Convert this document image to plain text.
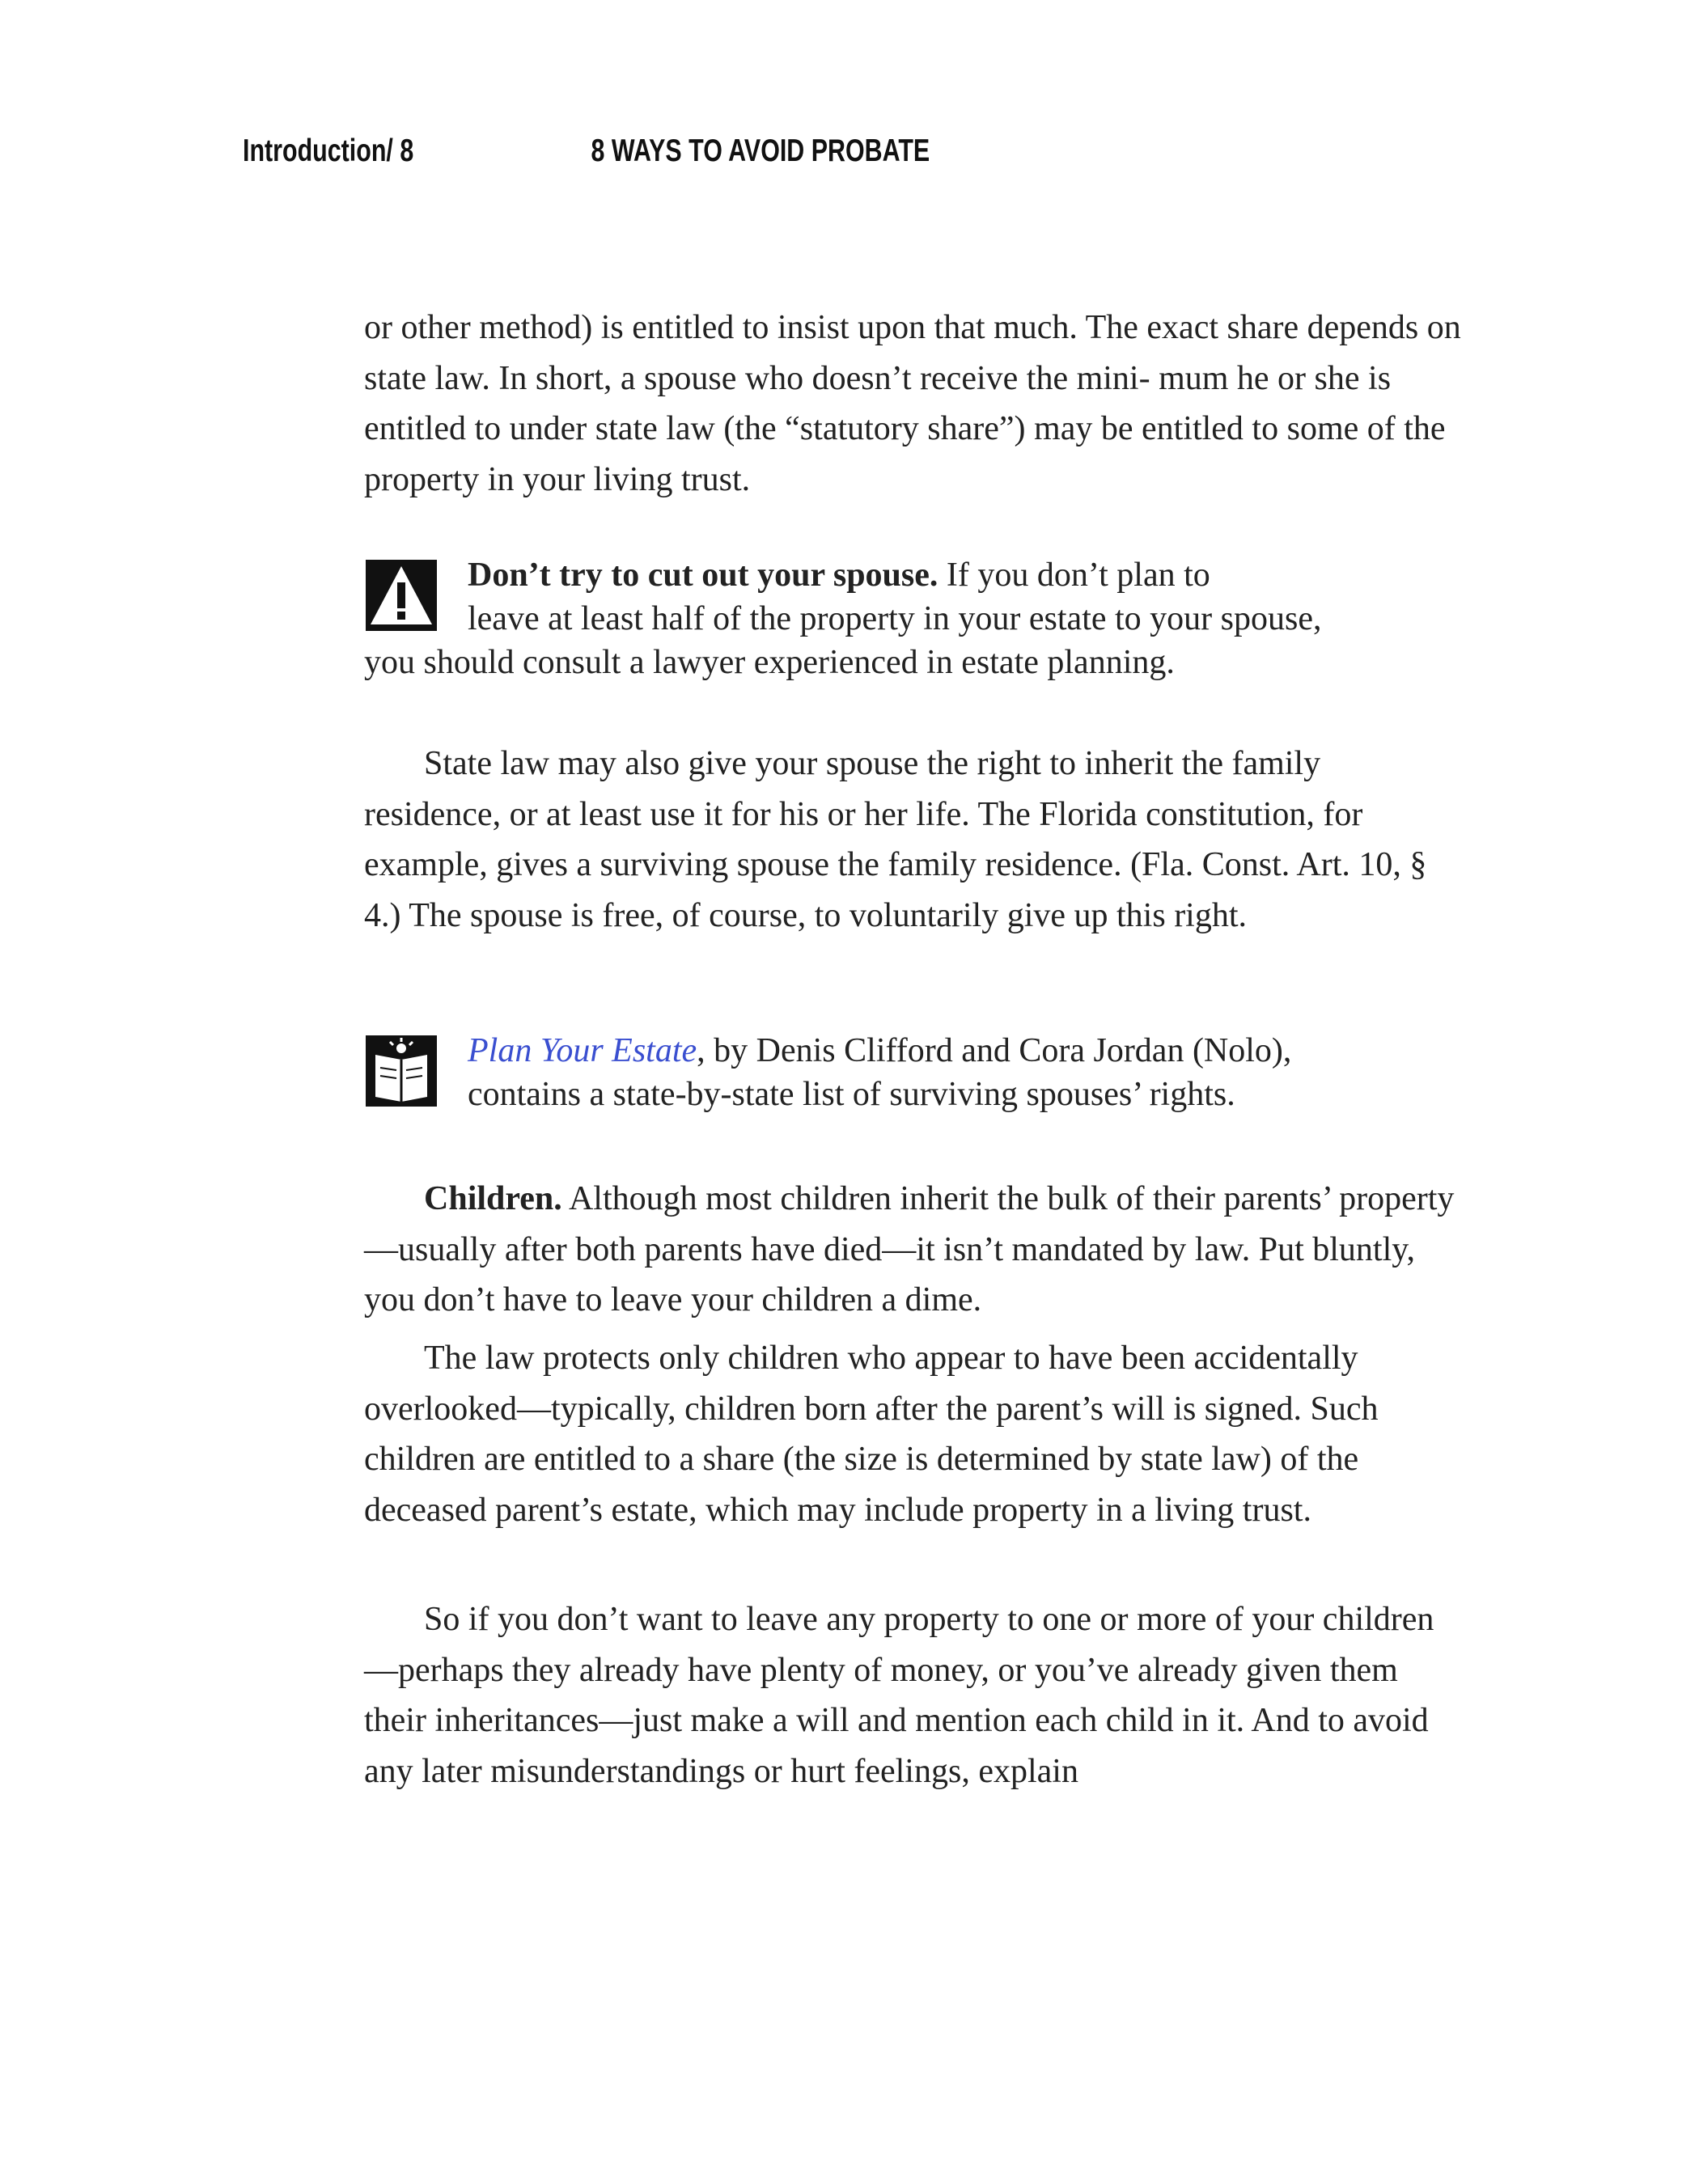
Introduction/ 8	8 WAYS TO AVOID PROBATE

or other method) is entitled to insist upon that much. The exact share depends on state law. In short, a spouse who doesn’t receive the mini- mum he or she is entitled to under state law (the “statutory share”) may be entitled to some of the property in your living trust.

Don’t try to cut out your spouse. If you don’t plan to
leave at least half of the property in your estate to your spouse,
you should consult a lawyer experienced in estate planning.

State law may also give your spouse the right to inherit the family residence, or at least use it for his or her life. The Florida constitution, for example, gives a surviving spouse the family residence. (Fla. Const. Art. 10, § 4.) The spouse is free, of course, to voluntarily give up this right.

Plan Your Estate, by Denis Clifford and Cora Jordan (Nolo),
contains a state-by-state list of surviving spouses’ rights.

Children. Although most children inherit the bulk of their parents’ property—usually after both parents have died—it isn’t mandated by law. Put bluntly, you don’t have to leave your children a dime.

The law protects only children who appear to have been accidentally overlooked—typically, children born after the parent’s will is signed. Such children are entitled to a share (the size is determined by state law) of the deceased parent’s estate, which may include property in a living trust.

So if you don’t want to leave any property to one or more of your children—perhaps they already have plenty of money, or you’ve already given them their inheritances—just make a will and mention each child in it. And to avoid any later misunderstandings or hurt feelings, explain
